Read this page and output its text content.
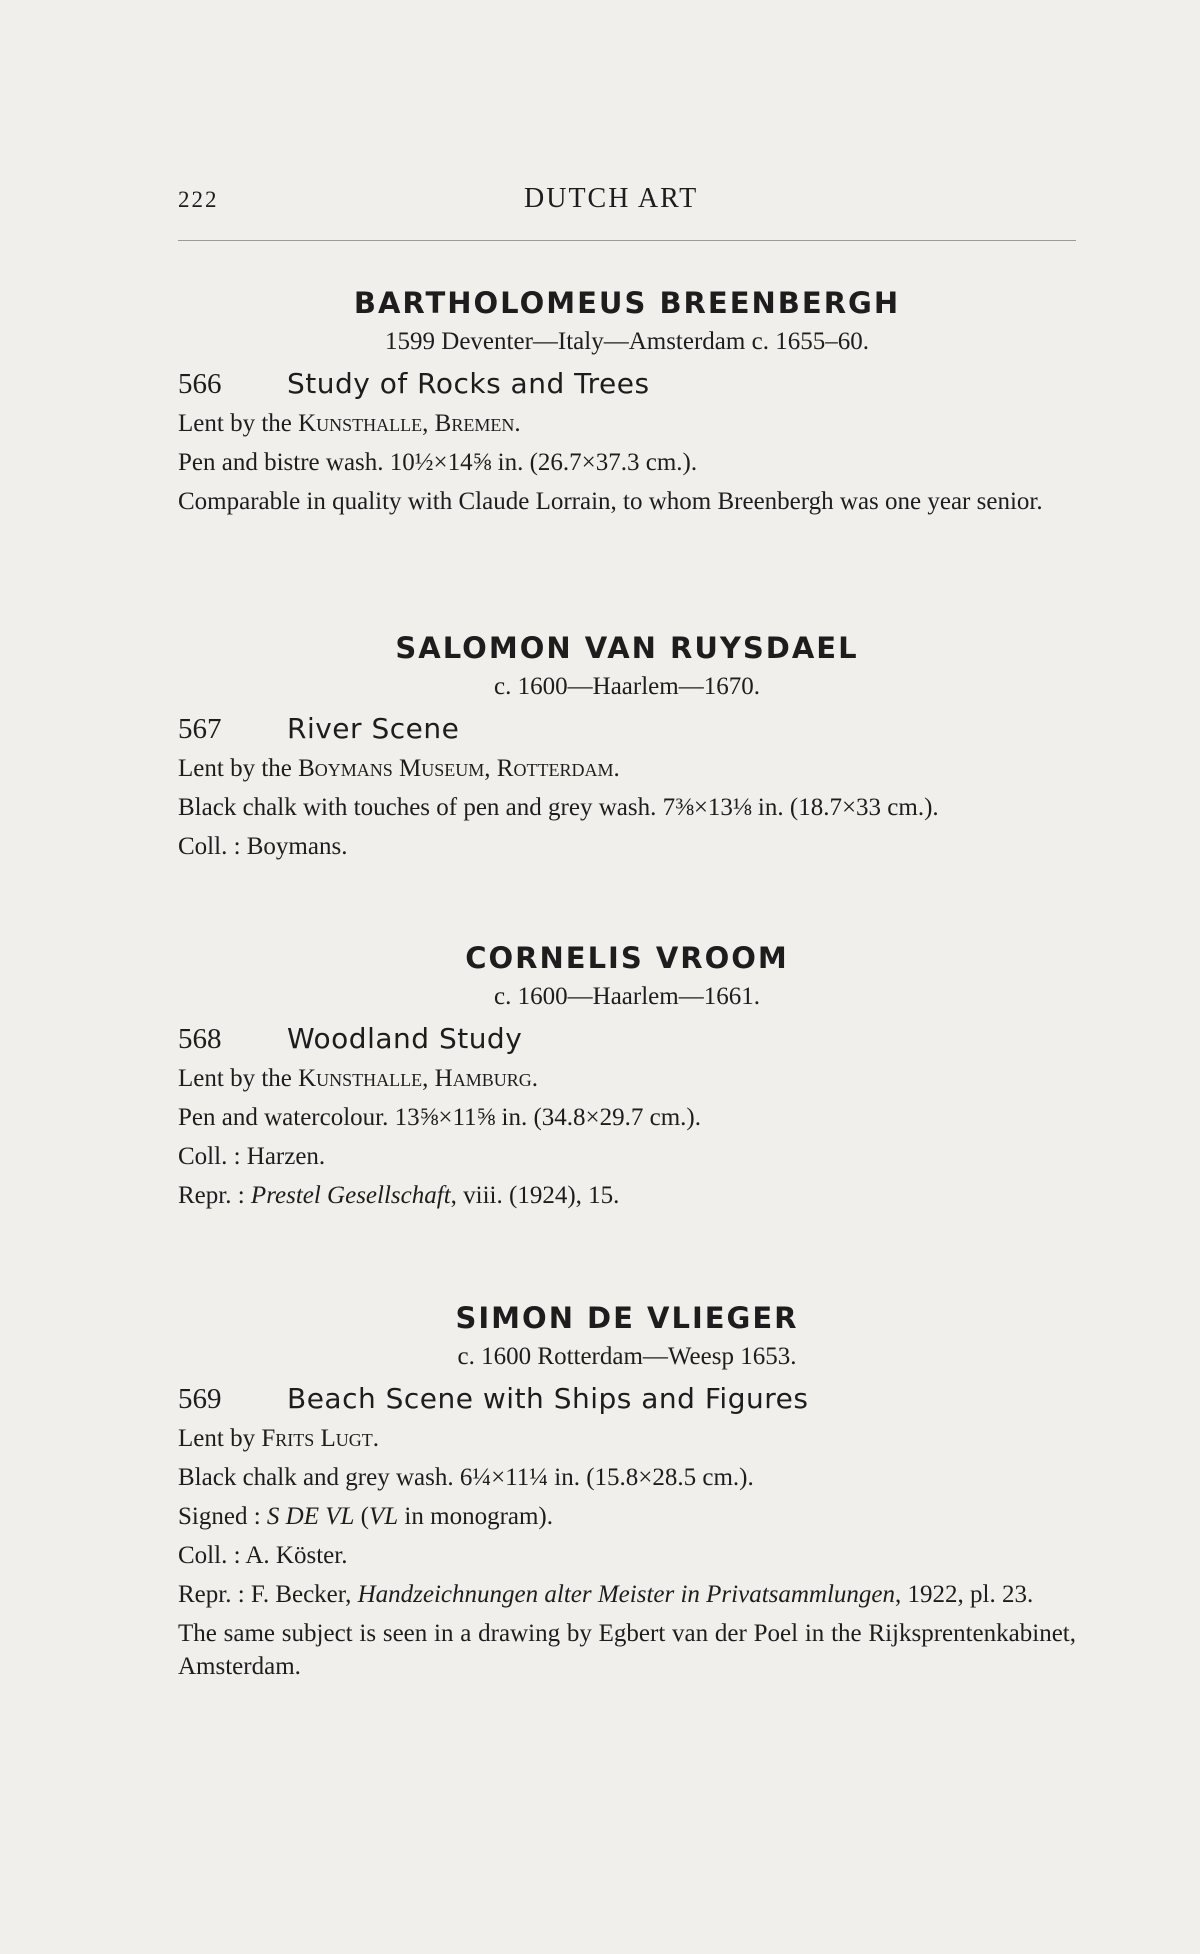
222	DUTCH ART
BARTHOLOMEUS BREENBERGH
1599 Deventer—Italy—Amsterdam c. 1655–60.
566	Study of Rocks and Trees
Lent by the Kunsthalle, Bremen.
Pen and bistre wash. 10½×14⅝ in. (26.7×37.3 cm.).
Comparable in quality with Claude Lorrain, to whom Breenbergh was one year senior.
SALOMON VAN RUYSDAEL
c. 1600—Haarlem—1670.
567	River Scene
Lent by the Boymans Museum, Rotterdam.
Black chalk with touches of pen and grey wash. 7⅜×13⅛ in. (18.7×33 cm.).
Coll. : Boymans.
CORNELIS VROOM
c. 1600—Haarlem—1661.
568	Woodland Study
Lent by the Kunsthalle, Hamburg.
Pen and watercolour. 13⅝×11⅝ in. (34.8×29.7 cm.).
Coll. : Harzen.
Repr. : Prestel Gesellschaft, viii. (1924), 15.
SIMON DE VLIEGER
c. 1600 Rotterdam—Weesp 1653.
569	Beach Scene with Ships and Figures
Lent by Frits Lugt.
Black chalk and grey wash. 6¼×11¼ in. (15.8×28.5 cm.).
Signed : S DE VL (VL in monogram).
Coll. : A. Köster.
Repr. : F. Becker, Handzeichnungen alter Meister in Privatsammlungen, 1922, pl. 23.
The same subject is seen in a drawing by Egbert van der Poel in the Rijksprentenkabinet, Amsterdam.
